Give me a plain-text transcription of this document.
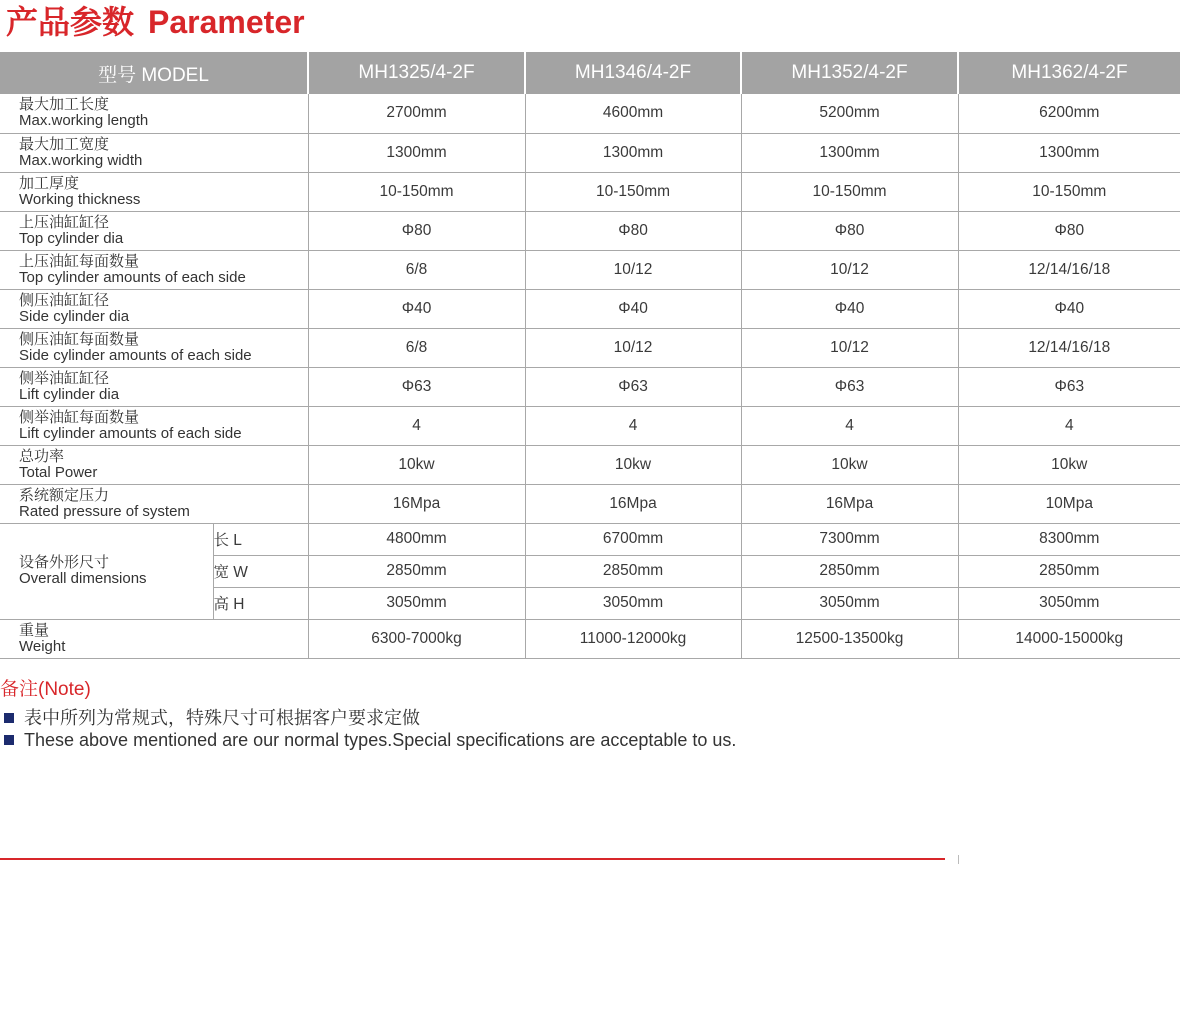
产品参数 Parameter
型号 MODEL		MH1325/4-2F	MH1346/4-2F	MH1352/4-2F	MH1362/4-2F

最大加工长度
Max.working length		2700mm	4600mm	5200mm	6200mm

最大加工宽度
Max.working width		1300mm	1300mm	1300mm	1300mm

加工厚度
Working thickness		10-150mm	10-150mm	10-150mm	10-150mm

上压油缸缸径
Top cylinder dia		Φ80	Φ80	Φ80	Φ80

上压油缸每面数量
Top cylinder amounts of each side		6/8	10/12	10/12	12/14/16/18

侧压油缸缸径
Side cylinder dia		Φ40	Φ40	Φ40	Φ40

侧压油缸每面数量
Side cylinder amounts of each side		6/8	10/12	10/12	12/14/16/18

侧举油缸缸径
Lift cylinder dia		Φ63	Φ63	Φ63	Φ63

侧举油缸每面数量
Lift cylinder amounts of each side		4	4	4	4

总功率
Total Power		10kw	10kw	10kw	10kw

系统额定压力
Rated pressure of system		16Mpa	16Mpa	16Mpa	10Mpa

设备外形尺寸
Overall dimensions	长 L	4800mm	6700mm	7300mm	8300mm
	宽 W	2850mm	2850mm	2850mm	2850mm
	高 H	3050mm	3050mm	3050mm	3050mm

重量
Weight		6300-7000kg	11000-12000kg	12500-13500kg	14000-15000kg
备注(Note)
表中所列为常规式，特殊尺寸可根据客户要求定做
These above mentioned are our normal types.Special specifications are acceptable to us.
